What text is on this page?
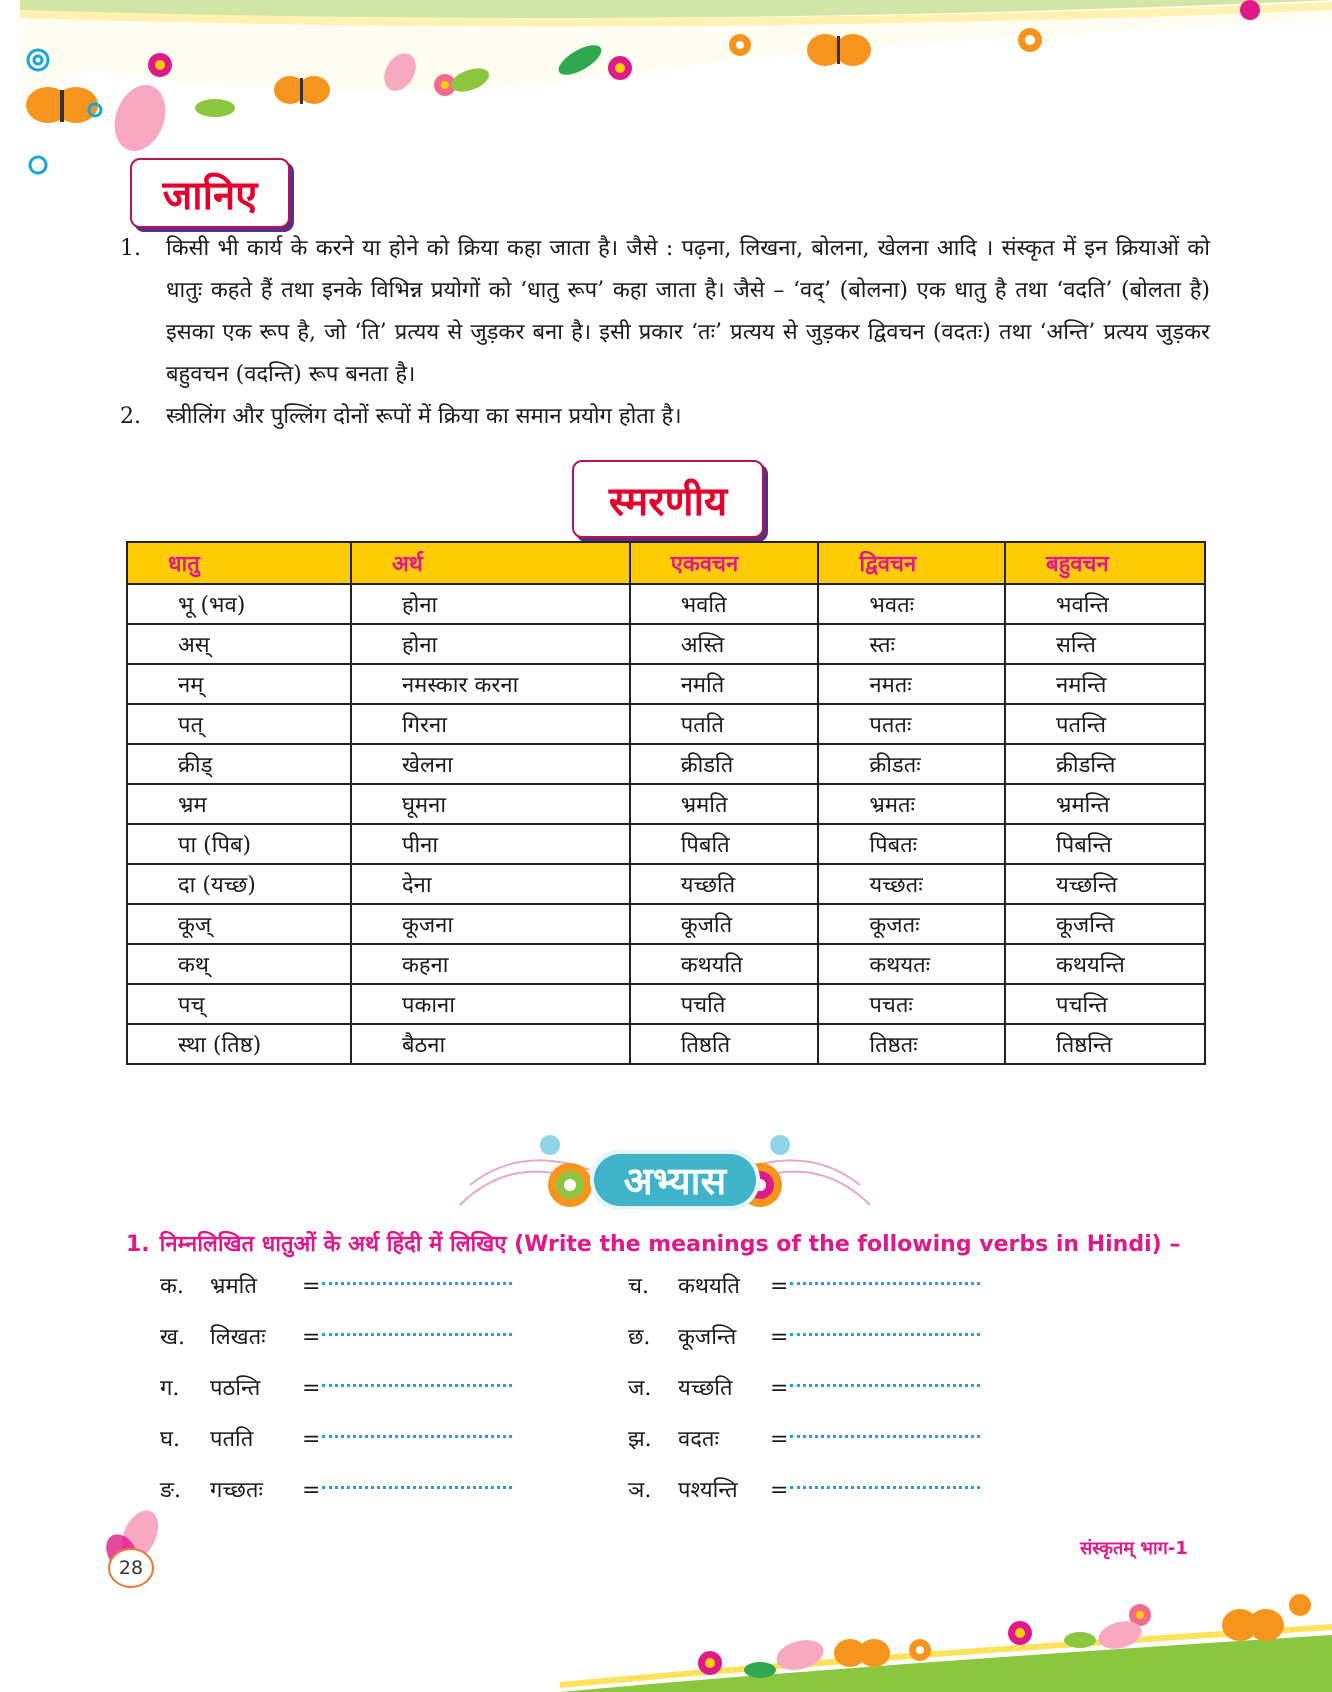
जानिए
1.	किसी भी कार्य के करने या होने को क्रिया कहा जाता है। जैसे : पढ़ना, लिखना, बोलना, खेलना आदि । संस्कृत में इन क्रियाओं को धातुः कहते हैं तथा इनके विभिन्न प्रयोगों को ‘धातु रूप’ कहा जाता है। जैसे – ‘वद्’ (बोलना) एक धातु है तथा ‘वदति’ (बोलता है) इसका एक रूप है, जो ‘ति’ प्रत्यय से जुड़कर बना है। इसी प्रकार ‘तः’ प्रत्यय से जुड़कर द्विवचन (वदतः) तथा ‘अन्ति’ प्रत्यय जुड़कर बहुवचन (वदन्ति) रूप बनता है।
2.	स्त्रीलिंग और पुल्लिंग दोनों रूपों में क्रिया का समान प्रयोग होता है।
स्मरणीय
धातु	अर्थ	एकवचन	द्विवचन	बहुवचन
भू (भव)	होना	भवति	भवतः	भवन्ति
अस्	होना	अस्ति	स्तः	सन्ति
नम्	नमस्कार करना	नमति	नमतः	नमन्ति
पत्	गिरना	पतति	पततः	पतन्ति
क्रीड्	खेलना	क्रीडति	क्रीडतः	क्रीडन्ति
भ्रम	घूमना	भ्रमति	भ्रमतः	भ्रमन्ति
पा (पिब)	पीना	पिबति	पिबतः	पिबन्ति
दा (यच्छ)	देना	यच्छति	यच्छतः	यच्छन्ति
कूज्	कूजना	कूजति	कूजतः	कूजन्ति
कथ्	कहना	कथयति	कथयतः	कथयन्ति
पच्	पकाना	पचति	पचतः	पचन्ति
स्था (तिष्ठ)	बैठना	तिष्ठति	तिष्ठतः	तिष्ठन्ति
अभ्यास
1. निम्नलिखित धातुओं के अर्थ हिंदी में लिखिए (Write the meanings of the following verbs in Hindi) –
क.	भ्रमति	=
ख.	लिखतः	=
ग.	पठन्ति	=
घ.	पतति	=
ङ.	गच्छतः	=
च.	कथयति	=
छ.	कूजन्ति	=
ज.	यच्छति	=
झ.	वदतः	=
ञ.	पश्यन्ति	=
28
संस्कृतम् भाग-1
